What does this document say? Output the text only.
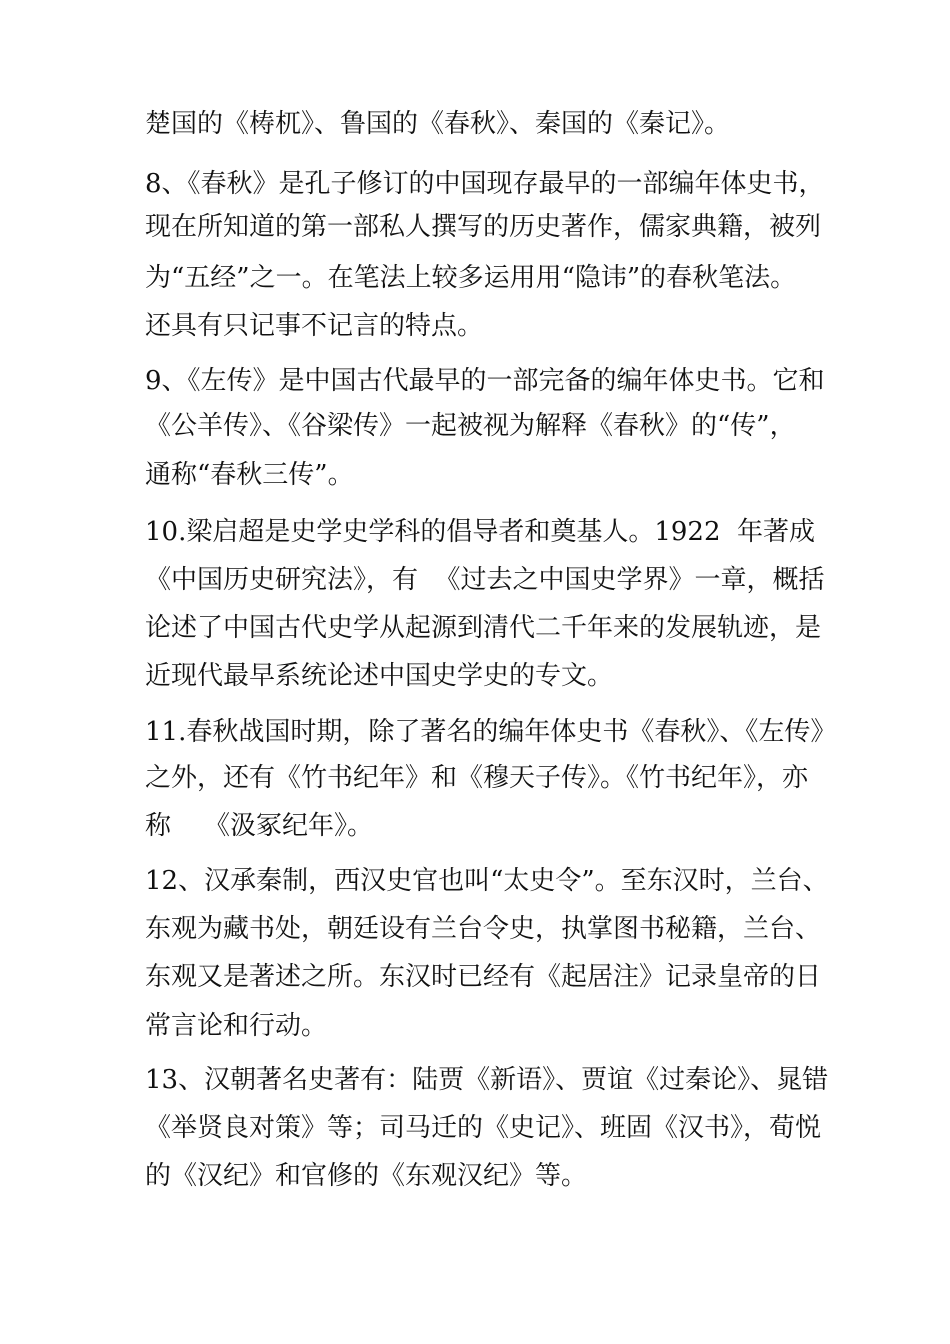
楚国的《梼杌》、鲁国的《春秋》、秦国的《秦记》。
8、《春秋》是孔子修订的中国现存最早的一部编年体史书，
现在所知道的第一部私人撰写的历史著作，儒家典籍，被列
为“五经”之一。在笔法上较多运用用“隐讳”的春秋笔法。
还具有只记事不记言的特点。
9、《左传》是中国古代最早的一部完备的编年体史书。它和
《公羊传》、《谷梁传》一起被视为解释《春秋》的“传”，
通称“春秋三传”。
10.梁启超是史学史学科的倡导者和奠基人。1922  年著成
《中国历史研究法》，有  《过去之中国史学界》一章，概括
论述了中国古代史学从起源到清代二千年来的发展轨迹，是
近现代最早系统论述中国史学史的专文。
11.春秋战国时期，除了著名的编年体史书《春秋》、《左传》
之外，还有《竹书纪年》和《穆天子传》。《竹书纪年》，亦
称    《汲冢纪年》。
12、汉承秦制，西汉史官也叫“太史令”。至东汉时，兰台、
东观为藏书处，朝廷设有兰台令史，执掌图书秘籍，兰台、
东观又是著述之所。东汉时已经有《起居注》记录皇帝的日
常言论和行动。
13、汉朝著名史著有：陆贾《新语》、贾谊《过秦论》、晁错
《举贤良对策》等；司马迁的《史记》、班固《汉书》，荀悦
的《汉纪》和官修的《东观汉纪》等。
